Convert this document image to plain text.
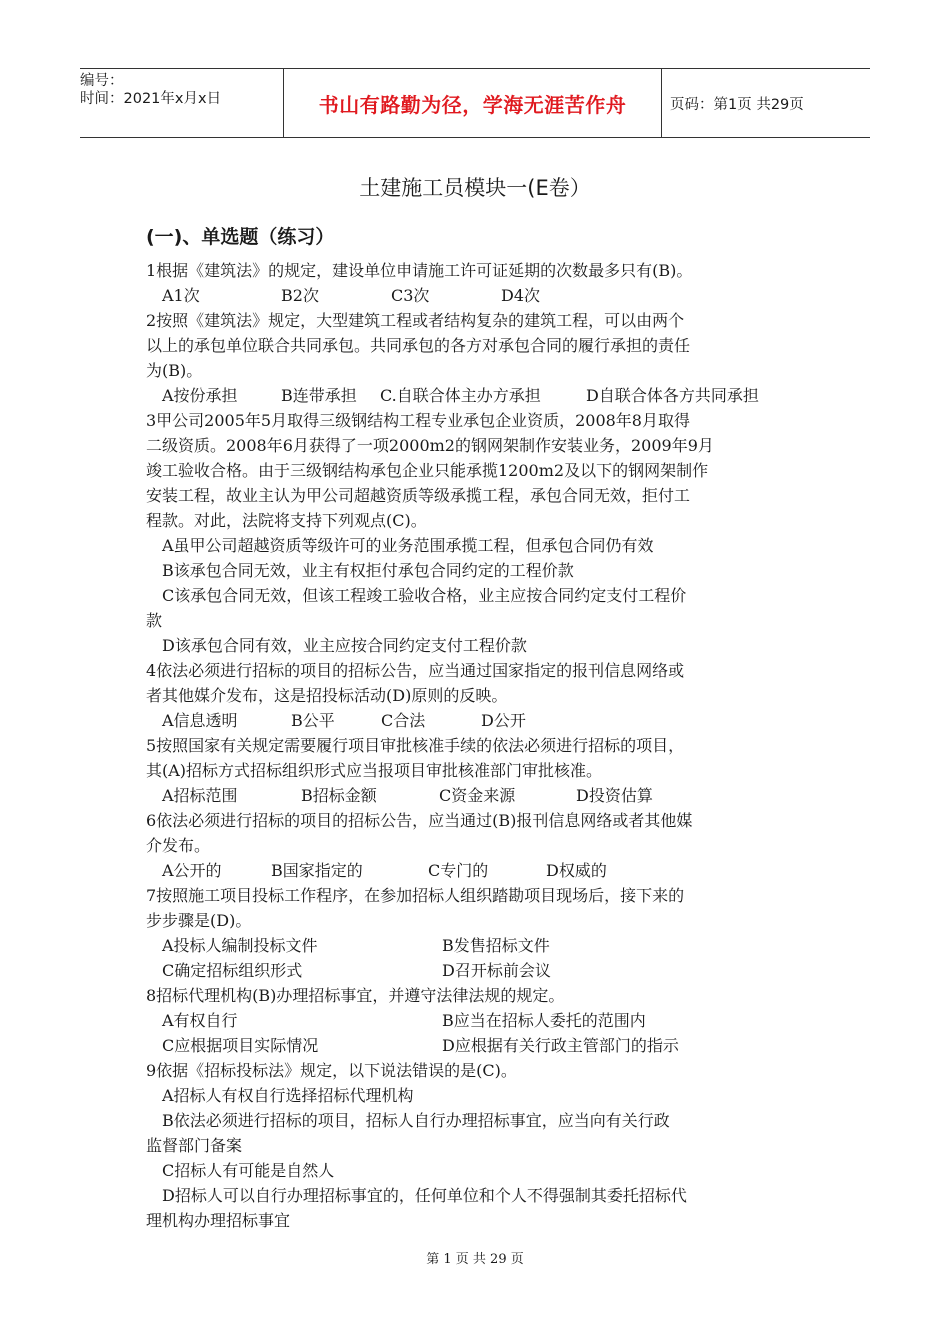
编号：
时间：2021年x月x日	书山有路勤为径，学海无涯苦作舟	页码：第1页 共29页
土建施工员模块一(E卷）
(一)、单选题（练习）
1根据《建筑法》的规定，建设单位申请施工许可证延期的次数最多只有(B)。
A1次	B2次	C3次	D4次
2按照《建筑法》规定，大型建筑工程或者结构复杂的建筑工程，可以由两个
以上的承包单位联合共同承包。共同承包的各方对承包合同的履行承担的责任
为(B)。
A按份承担	B连带承担 C.自联合体主办方承担	D自联合体各方共同承担
3甲公司2005年5月取得三级钢结构工程专业承包企业资质，2008年8月取得
二级资质。2008年6月获得了一项2000m2的钢网架制作安装业务，2009年9月
竣工验收合格。由于三级钢结构承包企业只能承揽1200m2及以下的钢网架制作
安装工程，故业主认为甲公司超越资质等级承揽工程，承包合同无效，拒付工
程款。对此，法院将支持下列观点(C)。
A虽甲公司超越资质等级许可的业务范围承揽工程，但承包合同仍有效
B该承包合同无效，业主有权拒付承包合同约定的工程价款
C该承包合同无效，但该工程竣工验收合格，业主应按合同约定支付工程价
款
D该承包合同有效，业主应按合同约定支付工程价款
4依法必须进行招标的项目的招标公告，应当通过国家指定的报刊信息网络或
者其他媒介发布，这是招投标活动(D)原则的反映。
A信息透明	B公平	C合法	D公开
5按照国家有关规定需要履行项目审批核准手续的依法必须进行招标的项目，
其(A)招标方式招标组织形式应当报项目审批核准部门审批核准。
A招标范围	B招标金额	C资金来源	D投资估算
6依法必须进行招标的项目的招标公告，应当通过(B)报刊信息网络或者其他媒
介发布。
A公开的	B国家指定的	C专门的	D权威的
7按照施工项目投标工作程序，在参加招标人组织踏勘项目现场后，接下来的
步步骤是(D)。
A投标人编制投标文件	B发售招标文件
C确定招标组织形式	D召开标前会议
8招标代理机构(B)办理招标事宜，并遵守法律法规的规定。
A有权自行	B应当在招标人委托的范围内
C应根据项目实际情况	D应根据有关行政主管部门的指示
9依据《招标投标法》规定，以下说法错误的是(C)。
A招标人有权自行选择招标代理机构
B依法必须进行招标的项目，招标人自行办理招标事宜，应当向有关行政
监督部门备案
C招标人有可能是自然人
D招标人可以自行办理招标事宜的，任何单位和个人不得强制其委托招标代
理机构办理招标事宜
第 1 页 共 29 页
